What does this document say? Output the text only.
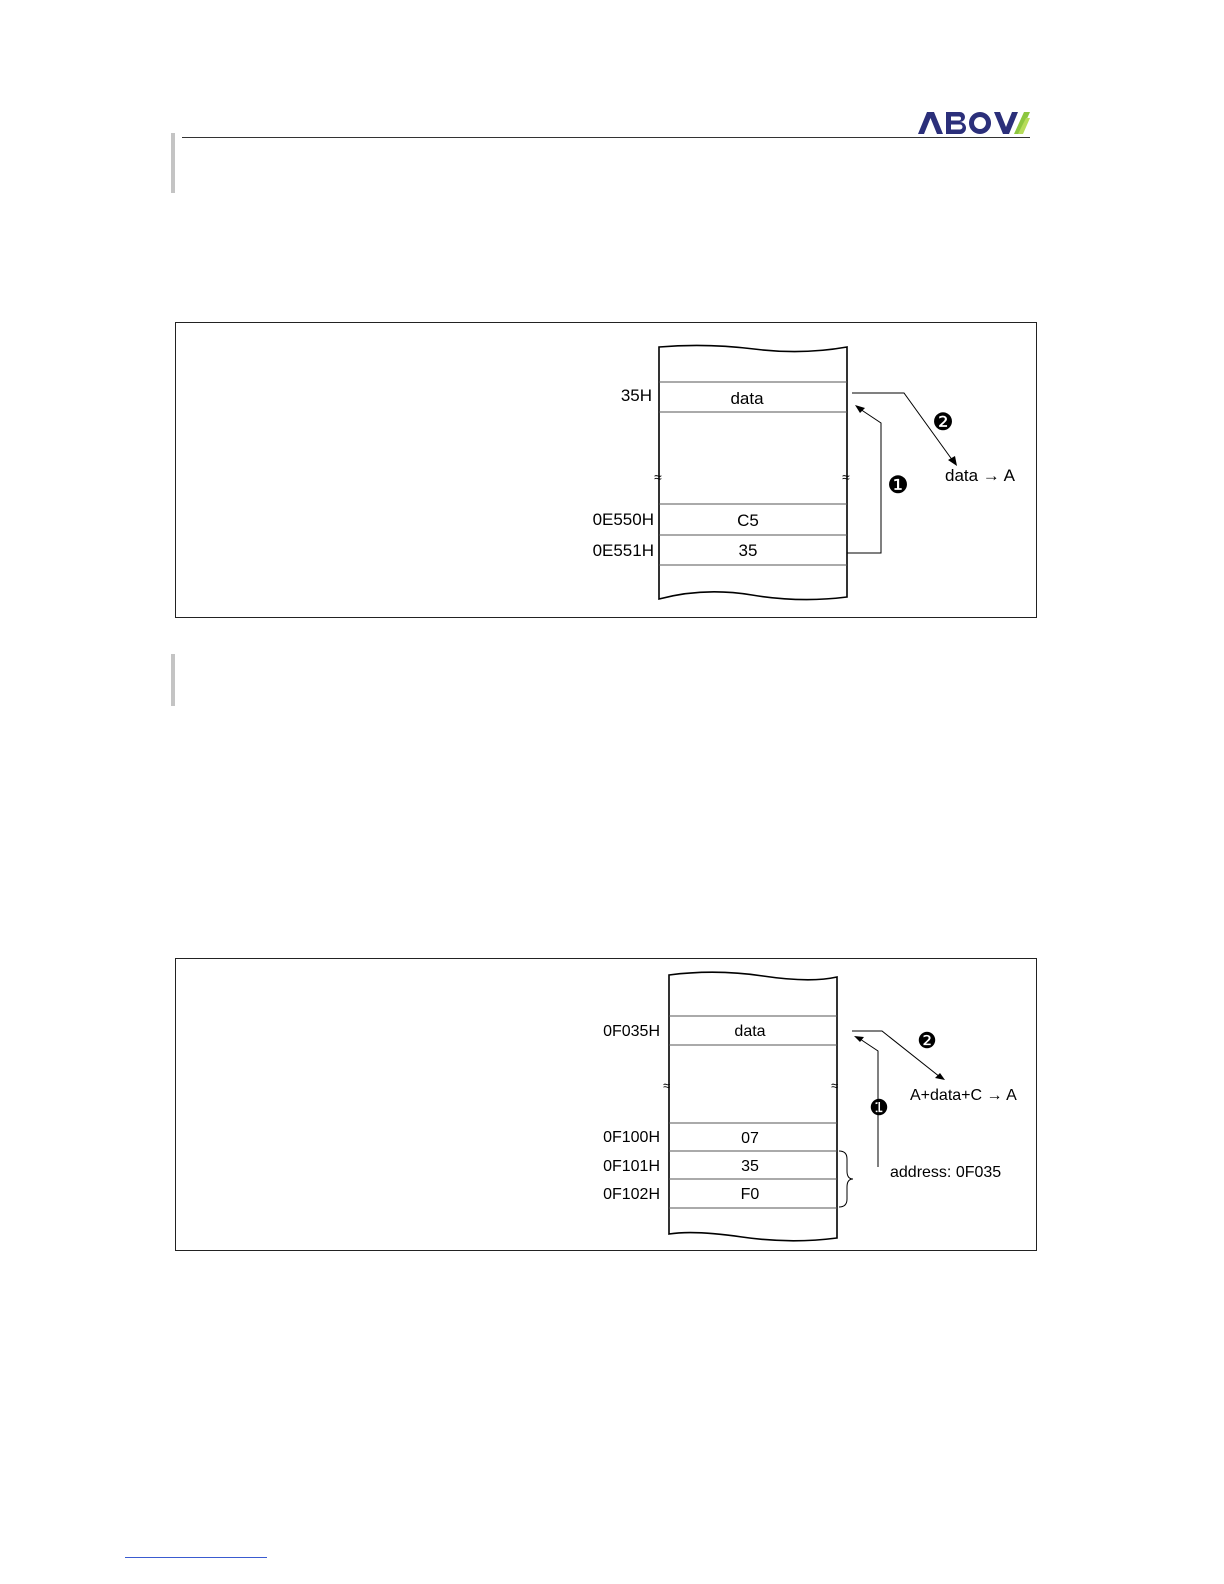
≈	≈
35H
0E550H
0E551H
data
C5
35
❶
❷
data → A
≈	≈
0F035H
0F100H
0F101H
0F102H
data
07
35
F0
address: 0F035
❶
❷
A+data+C → A
